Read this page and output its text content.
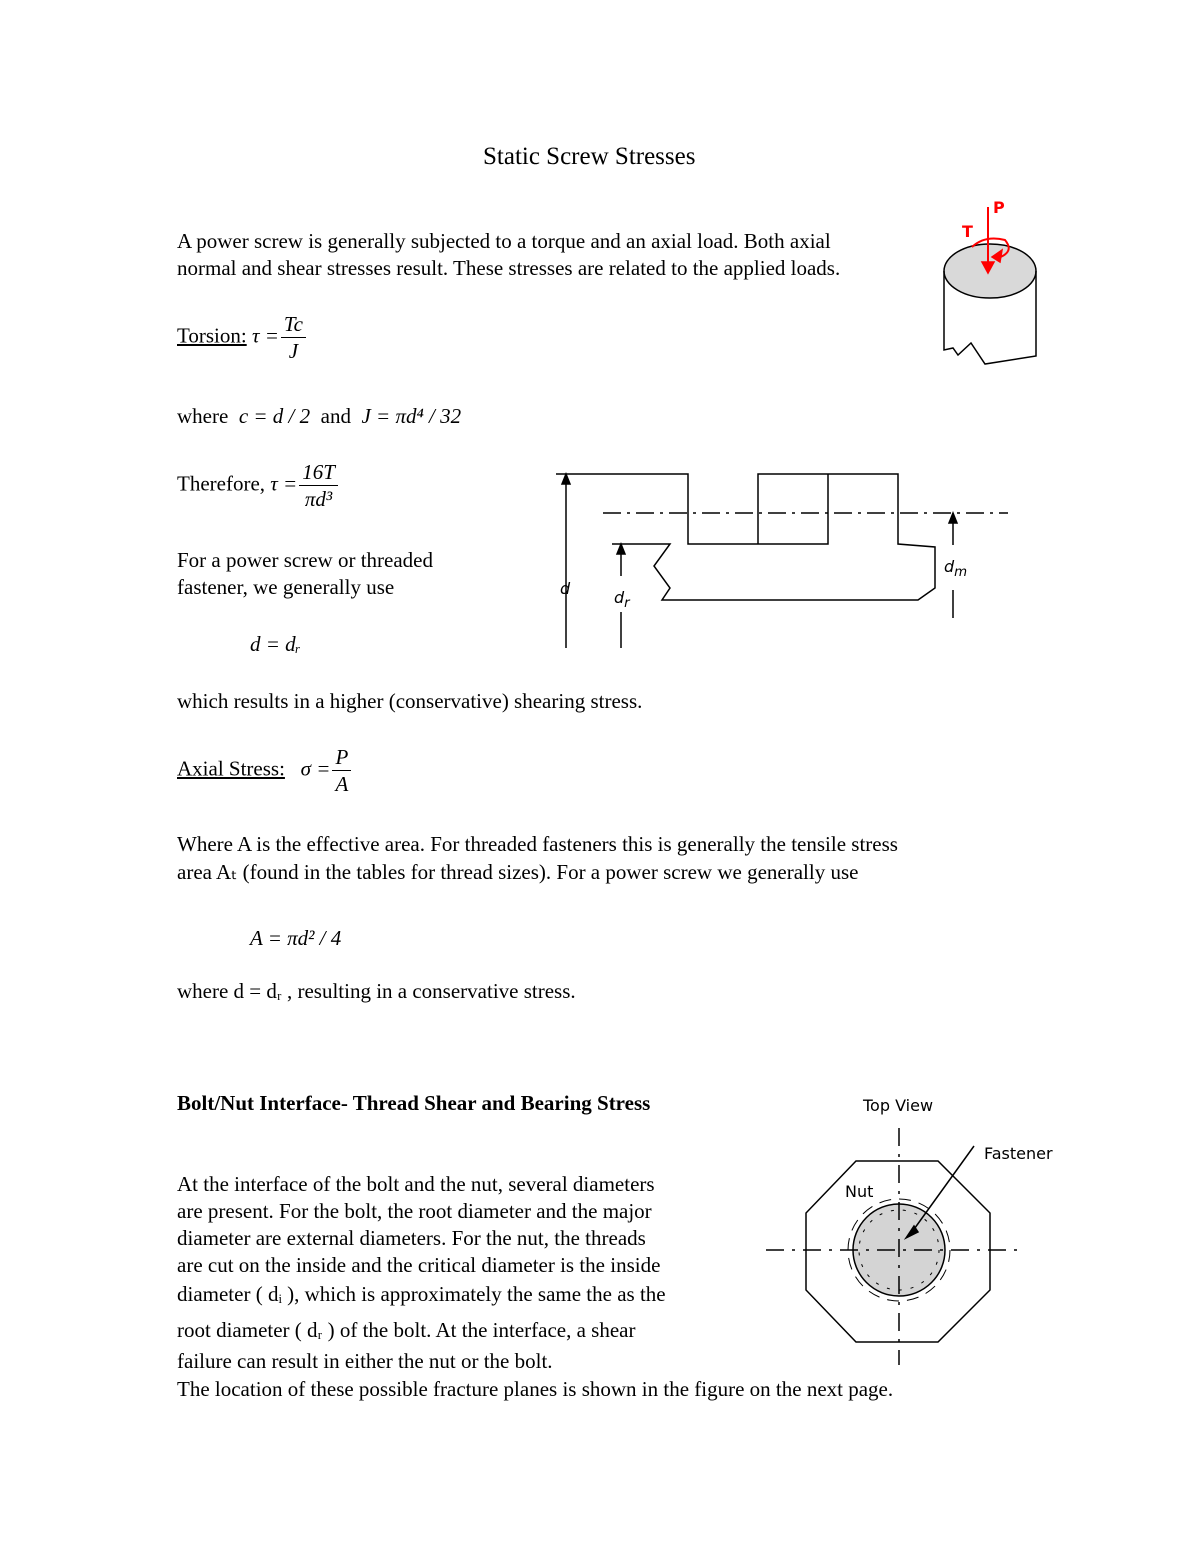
Static Screw Stresses
A power screw is generally subjected to a torque and an axial load. Both axial
normal and shear stresses result. These stresses are related to the applied loads.
Torsion: $\tau = \frac{Tc}{J}$
where c = d / 2 and J = πd⁴ / 32
Therefore, $\tau = \frac{16T}{\text{πd³}}$
For a power screw or threaded
fastener, we generally use
d = dᵣ
which results in a higher (conservative) shearing stress.
Axial Stress: $\sigma = \frac{P}{A}$
Where A is the effective area. For threaded fasteners this is generally the tensile stress
area Aₜ (found in the tables for thread sizes). For a power screw we generally use
A = πd² / 4
where d = dᵣ , resulting in a conservative stress.
Bolt/Nut Interface- Thread Shear and Bearing Stress
At the interface of the bolt and the nut, several diameters
are present. For the bolt, the root diameter and the major
diameter are external diameters. For the nut, the threads
are cut on the inside and the critical diameter is the inside
diameter ( dᵢ ), which is approximately the same the as the
root diameter ( dᵣ ) of the bolt. At the interface, a shear
failure can result in either the nut or the bolt.
The location of these possible fracture planes is shown in the figure on the next page.
P
T
d	$d_r$
$d_m$
Top View
Fastener
Nut
